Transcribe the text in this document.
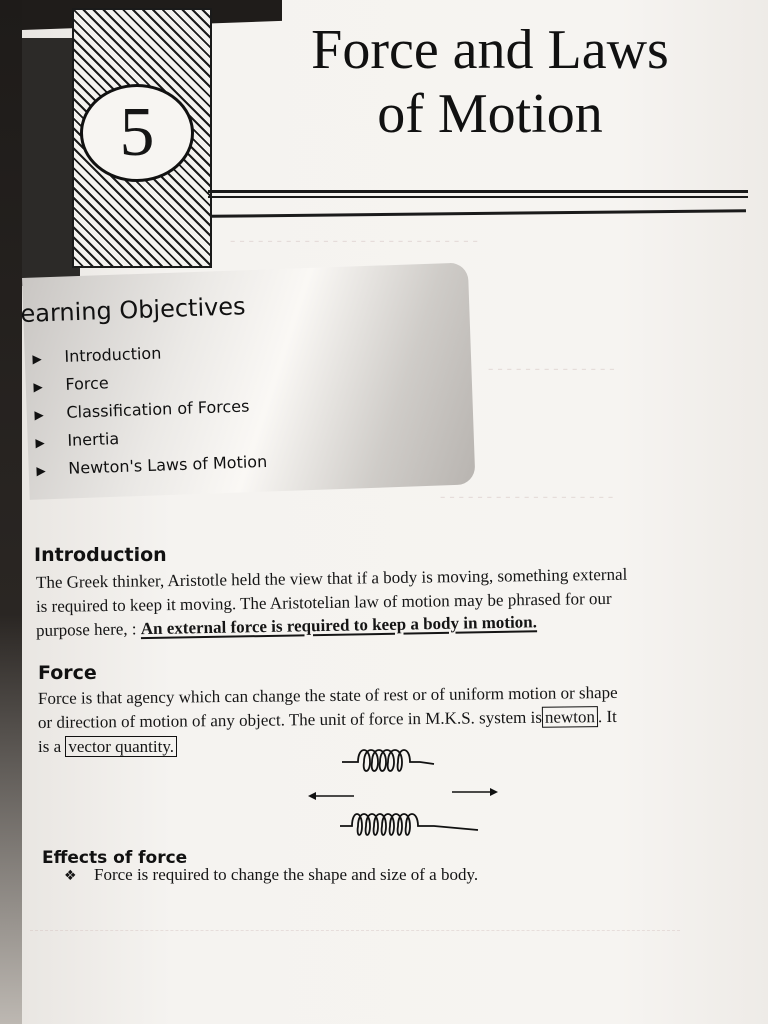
5
Force and Laws
of Motion
- - - - - - - - - - - - - - - - - - - - - - - - - - -
- - - - - - - - - - - - - -
- - - - - - - - - - - - - - - - - - -
earning Objectives
▶ Introduction
▶ Force
▶ Classification of Forces
▶ Inertia
▶ Newton's Laws of Motion
Introduction
The Greek thinker, Aristotle held the view that if a body is moving, something external
is required to keep it moving. The Aristotelian law of motion may be phrased for our
purpose here, : An external force is required to keep a body in motion.
Force
Force is that agency which can change the state of rest or of uniform motion or shape
or direction of motion of any object. The unit of force in M.K.S. system is newton . It
is a vector quantity.
Effects of force
❖ Force is required to change the shape and size of a body.
